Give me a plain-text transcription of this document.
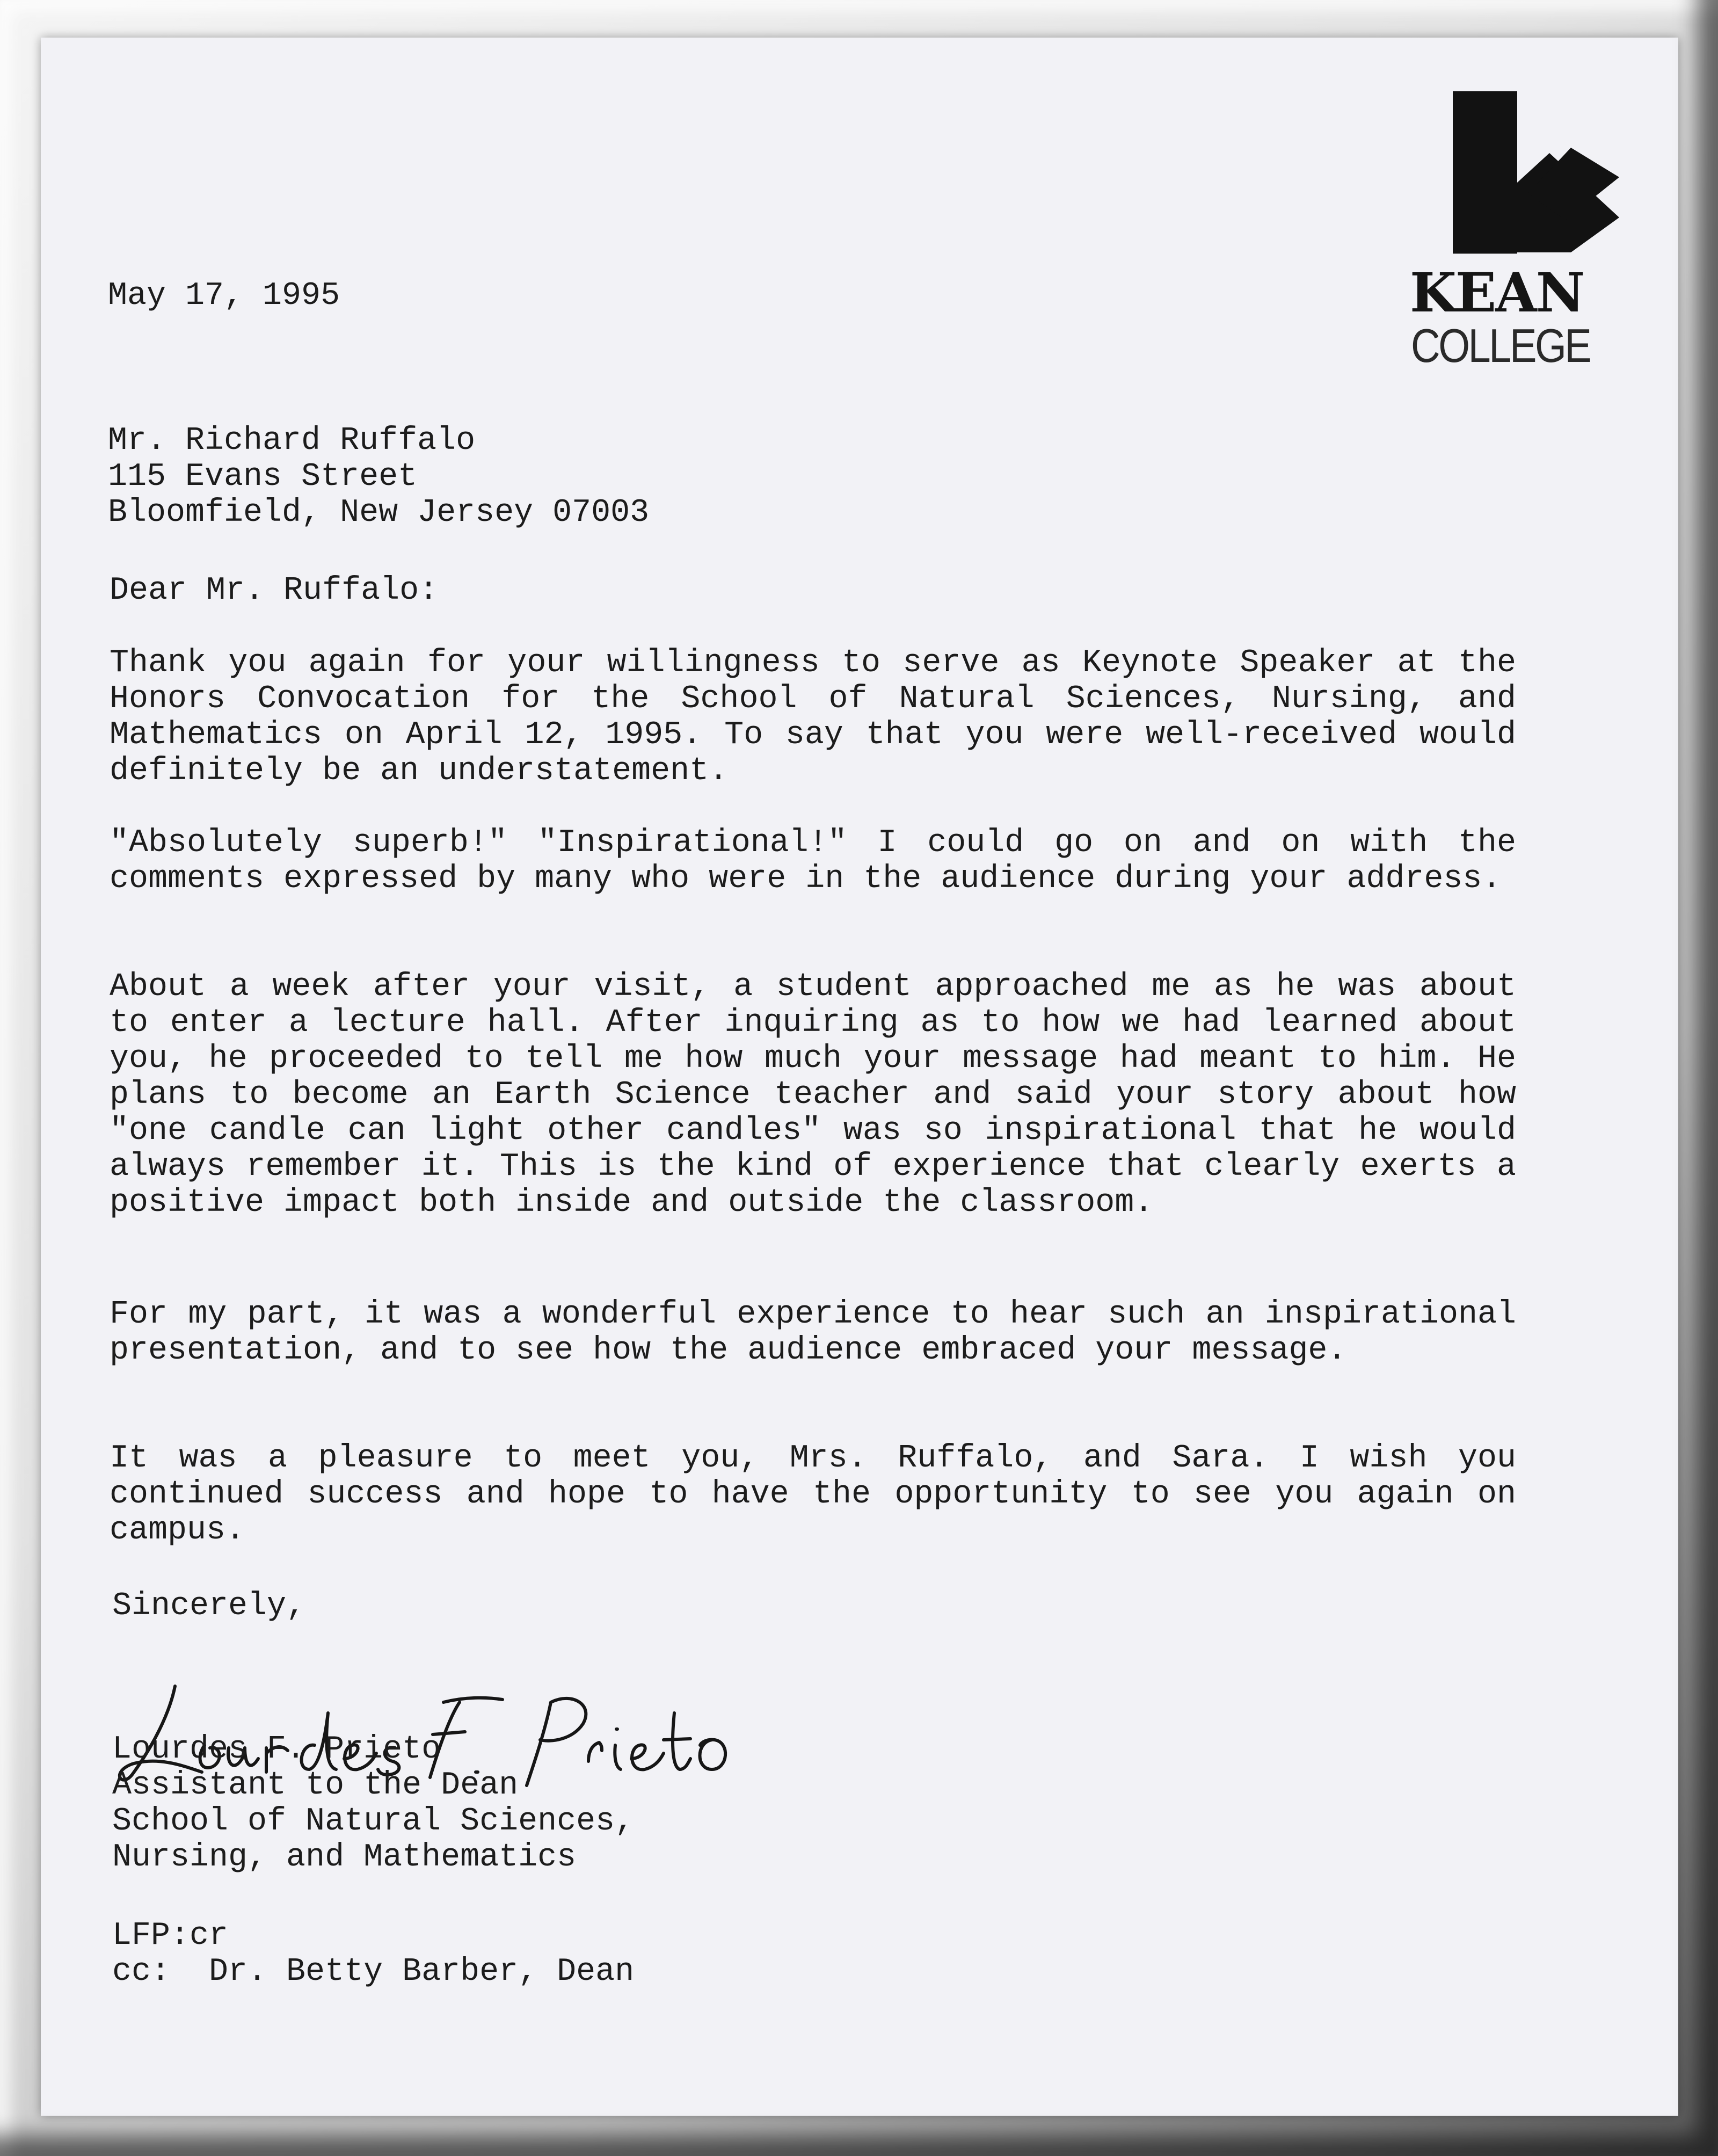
KEAN
COLLEGE

May 17, 1995

Mr. Richard Ruffalo

115 Evans Street

Bloomfield, New Jersey 07003

Dear Mr. Ruffalo:

Thank you again for your willingness to serve as Keynote Speaker at the Honors Convocation for the School of Natural Sciences, Nursing, and Mathematics on April 12, 1995. To say that you were well-received would definitely be an understatement.

"Absolutely superb!" "Inspirational!" I could go on and on with the comments expressed by many who were in the audience during your address.

About a week after your visit, a student approached me as he was about to enter a lecture hall. After inquiring as to how we had learned about you, he proceeded to tell me how much your message had meant to him. He plans to become an Earth Science teacher and said your story about how "one candle can light other candles" was so inspirational that he would always remember it. This is the kind of experience that clearly exerts a positive impact both inside and outside the classroom.

For my part, it was a wonderful experience to hear such an inspirational presentation, and to see how the audience embraced your message.

It was a pleasure to meet you, Mrs. Ruffalo, and Sara. I wish you continued success and hope to have the opportunity to see you again on campus.

Sincerely,

Lourdes F. Prieto

Assistant to the Dean

School of Natural Sciences,

Nursing, and Mathematics

LFP:cr

cc:  Dr. Betty Barber, Dean
